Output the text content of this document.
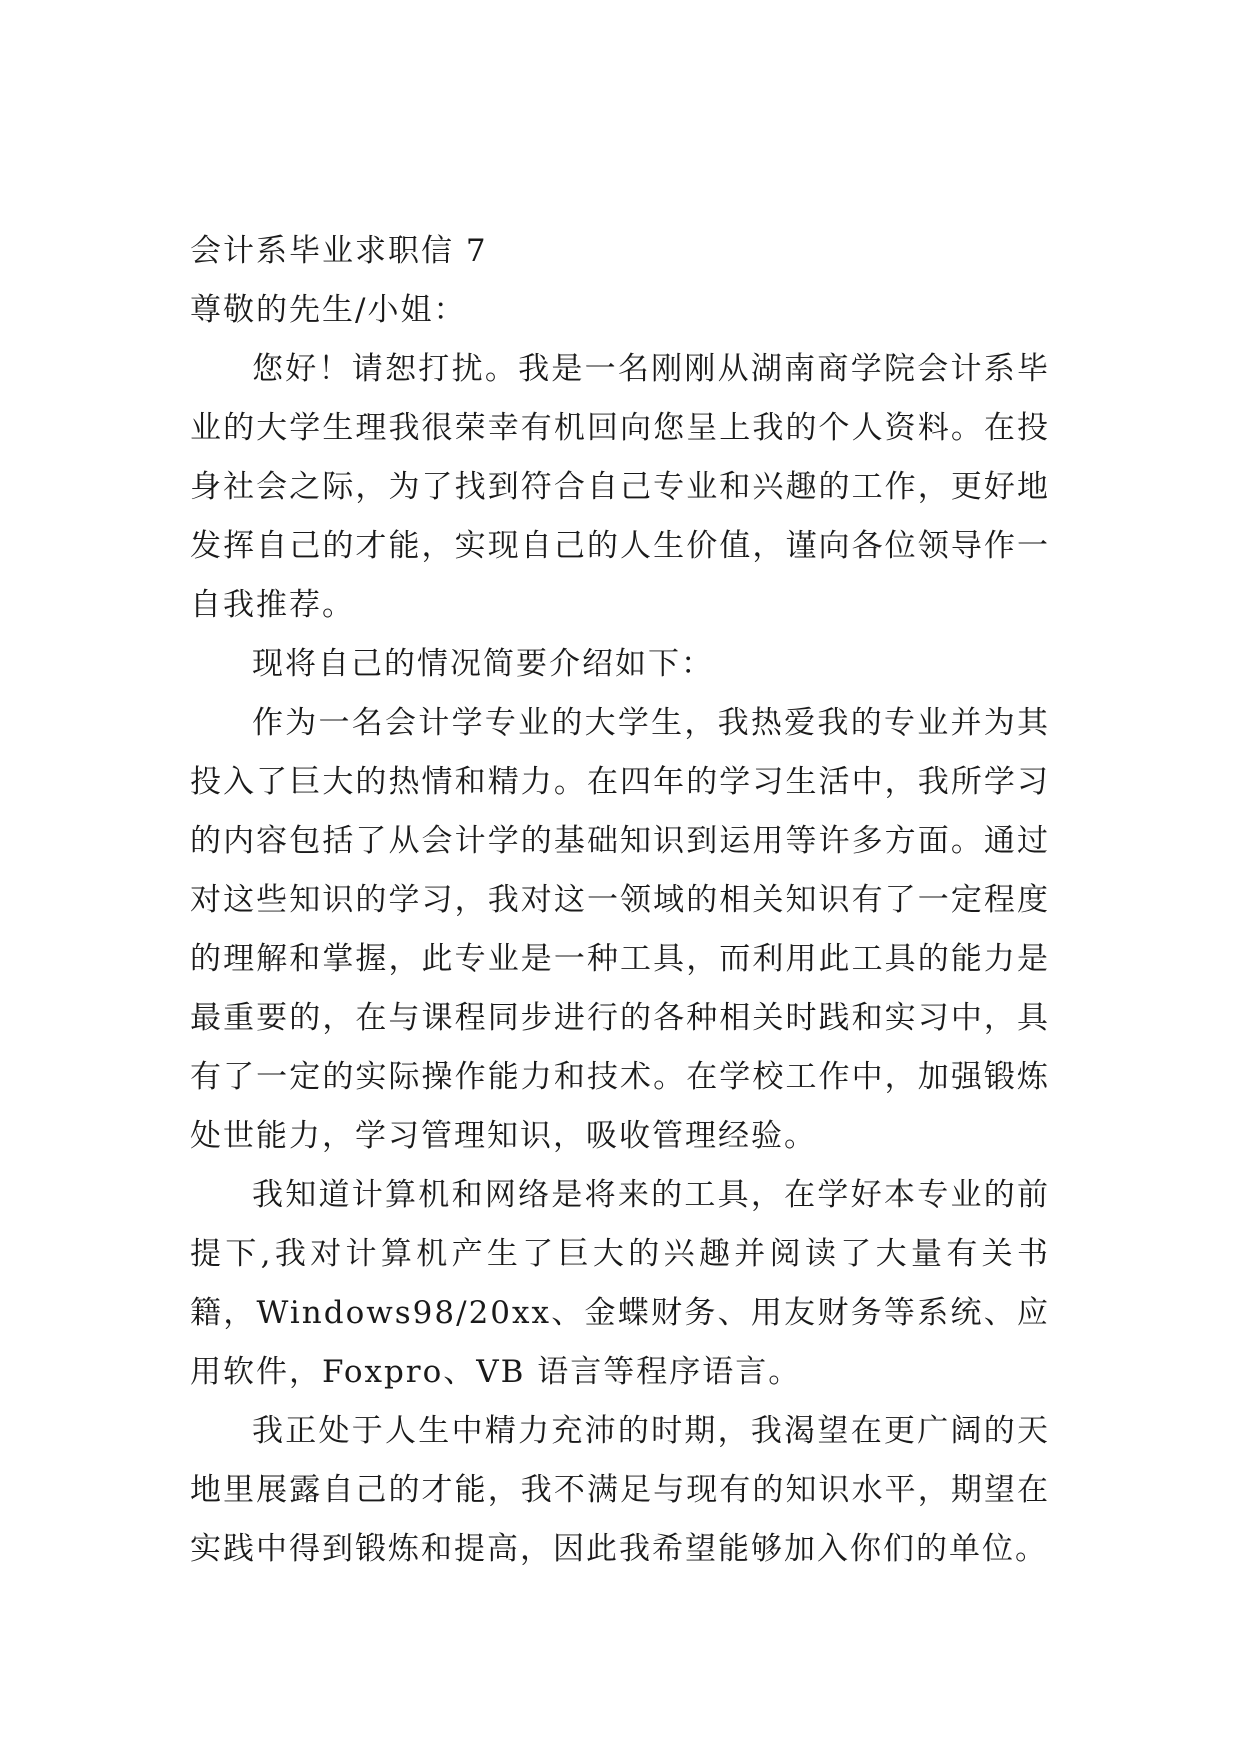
会计系毕业求职信 7

尊敬的先生/小姐：

您好！请恕打扰。我是一名刚刚从湖南商学院会计系毕业的大学生理我很荣幸有机回向您呈上我的个人资料。在投身社会之际，为了找到符合自己专业和兴趣的工作，更好地发挥自己的才能，实现自己的人生价值，谨向各位领导作一自我推荐。

现将自己的情况简要介绍如下：

作为一名会计学专业的大学生，我热爱我的专业并为其投入了巨大的热情和精力。在四年的学习生活中，我所学习的内容包括了从会计学的基础知识到运用等许多方面。通过对这些知识的学习，我对这一领域的相关知识有了一定程度的理解和掌握，此专业是一种工具，而利用此工具的能力是最重要的，在与课程同步进行的各种相关时践和实习中，具有了一定的实际操作能力和技术。在学校工作中，加强锻炼处世能力，学习管理知识，吸收管理经验。

我知道计算机和网络是将来的工具，在学好本专业的前提下,我对计算机产生了巨大的兴趣并阅读了大量有关书籍，Windows98/20xx、金蝶财务、用友财务等系统、应用软件，Foxpro、VB 语言等程序语言。

我正处于人生中精力充沛的时期，我渴望在更广阔的天地里展露自己的才能，我不满足与现有的知识水平，期望在实践中得到锻炼和提高，因此我希望能够加入你们的单位。
